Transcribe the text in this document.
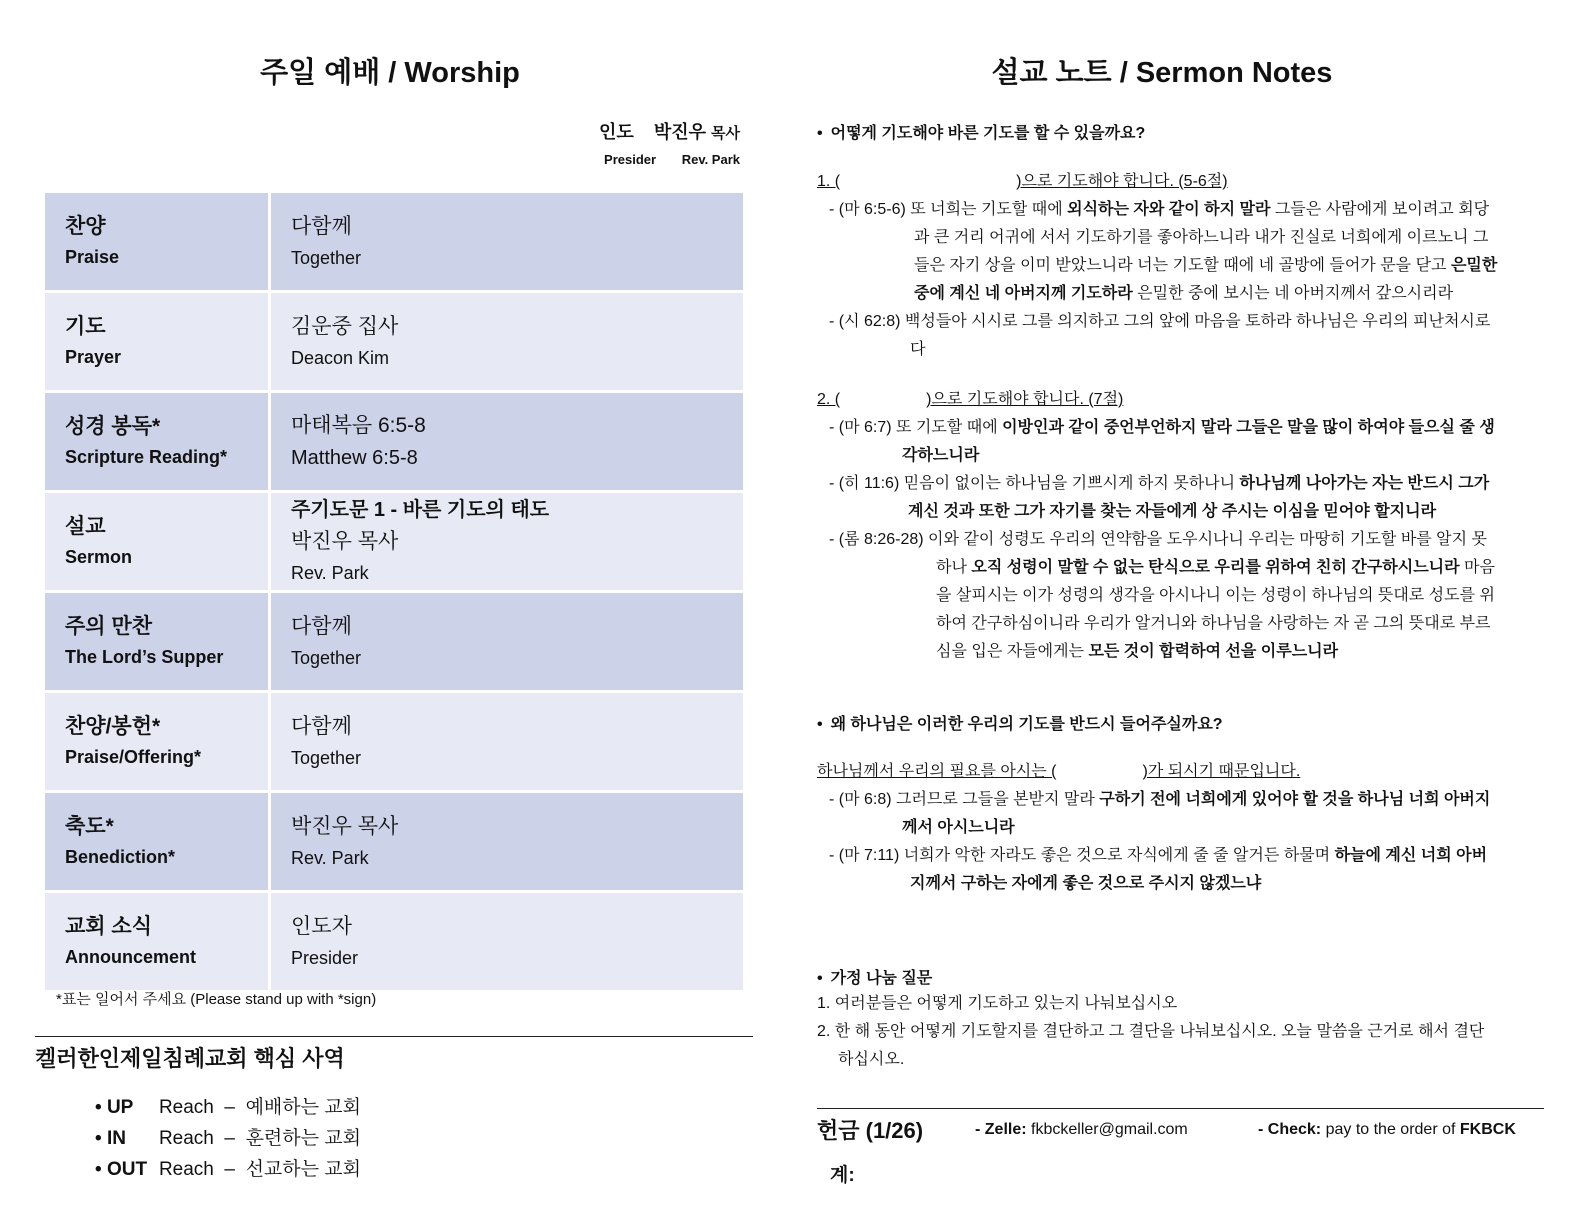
주일 예배 / Worship
인도 박진우 목사
Presider Rev. Park
찬양
Praise	다함께
Together

기도
Prayer	김운중 집사
Deacon Kim

성경 봉독*
Scripture Reading*	마태복음 6:5-8
Matthew 6:5-8

설교
Sermon	주기도문 1 - 바른 기도의 태도
박진우 목사
Rev. Park

주의 만찬
The Lord’s Supper	다함께
Together

찬양/봉헌*
Praise/Offering*	다함께
Together

축도*
Benediction*	박진우 목사
Rev. Park

교회 소식
Announcement	인도자
Presider
*표는 일어서 주세요 (Please stand up with *sign)
켈러한인제일침례교회 핵심 사역
• UP Reach – 예배하는 교회
• IN Reach – 훈련하는 교회
• OUT Reach – 선교하는 교회
설교 노트 / Sermon Notes
• 어떻게 기도해야 바른 기도를 할 수 있을까요?
1. (	)으로 기도해야 합니다. (5-6절)
- (마 6:5-6) 또 너희는 기도할 때에 외식하는 자와 같이 하지 말라 그들은 사람에게 보이려고 회당
과 큰 거리 어귀에 서서 기도하기를 좋아하느니라 내가 진실로 너희에게 이르노니 그
들은 자기 상을 이미 받았느니라 너는 기도할 때에 네 골방에 들어가 문을 닫고 은밀한
중에 계신 네 아버지께 기도하라 은밀한 중에 보시는 네 아버지께서 갚으시리라
- (시 62:8) 백성들아 시시로 그를 의지하고 그의 앞에 마음을 토하라 하나님은 우리의 피난처시로
다
2. (	)으로 기도해야 합니다. (7절)
- (마 6:7) 또 기도할 때에 이방인과 같이 중언부언하지 말라 그들은 말을 많이 하여야 들으실 줄 생
각하느니라
- (히 11:6) 믿음이 없이는 하나님을 기쁘시게 하지 못하나니 하나님께 나아가는 자는 반드시 그가
계신 것과 또한 그가 자기를 찾는 자들에게 상 주시는 이심을 믿어야 할지니라
- (롬 8:26-28) 이와 같이 성령도 우리의 연약함을 도우시나니 우리는 마땅히 기도할 바를 알지 못
하나 오직 성령이 말할 수 없는 탄식으로 우리를 위하여 친히 간구하시느니라 마음
을 살피시는 이가 성령의 생각을 아시나니 이는 성령이 하나님의 뜻대로 성도를 위
하여 간구하심이니라 우리가 알거니와 하나님을 사랑하는 자 곧 그의 뜻대로 부르
심을 입은 자들에게는 모든 것이 합력하여 선을 이루느니라
• 왜 하나님은 이러한 우리의 기도를 반드시 들어주실까요?
하나님께서 우리의 필요를 아시는 (	)가 되시기 때문입니다.
- (마 6:8) 그러므로 그들을 본받지 말라 구하기 전에 너희에게 있어야 할 것을 하나님 너희 아버지
께서 아시느니라
- (마 7:11) 너희가 악한 자라도 좋은 것으로 자식에게 줄 줄 알거든 하물며 하늘에 계신 너희 아버
지께서 구하는 자에게 좋은 것으로 주시지 않겠느냐
• 가정 나눔 질문
1. 여러분들은 어떻게 기도하고 있는지 나눠보십시오
2. 한 해 동안 어떻게 기도할지를 결단하고 그 결단을 나눠보십시오. 오늘 말씀을 근거로 해서 결단
하십시오.
헌금 (1/26)	- Zelle: fkbckeller@gmail.com	- Check: pay to the order of FKBCK
계:
